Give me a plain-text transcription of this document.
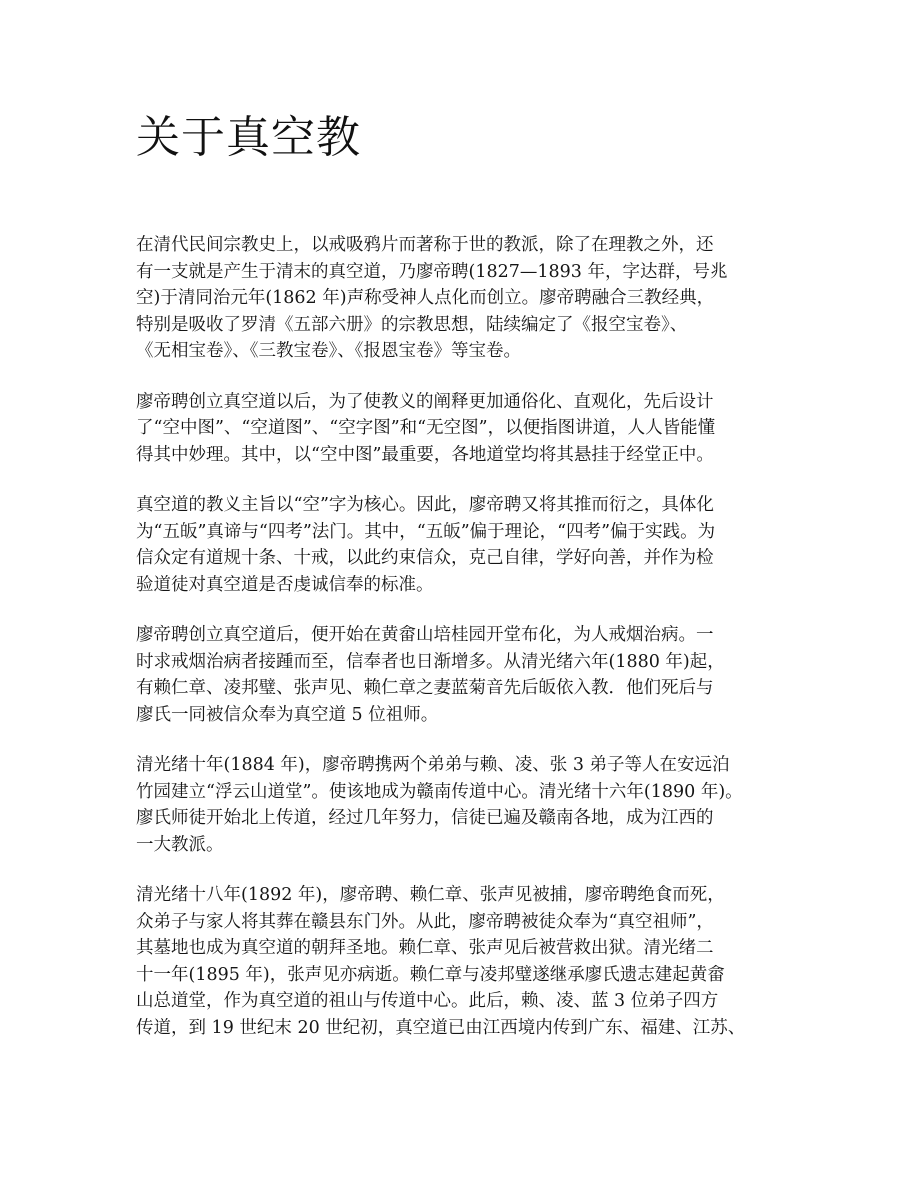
关于真空教

在清代民间宗教史上，以戒吸鸦片而著称于世的教派，除了在理教之外，还
有一支就是产生于清末的真空道，乃廖帝聘(1827—1893 年，字达群，号兆
空)于清同治元年(1862 年)声称受神人点化而创立。廖帝聘融合三教经典，
特别是吸收了罗清《五部六册》的宗教思想，陆续编定了《报空宝卷》、
《无相宝卷》、《三教宝卷》、《报恩宝卷》等宝卷。

廖帝聘创立真空道以后，为了使教义的阐释更加通俗化、直观化，先后设计
了“空中图”、“空道图”、“空字图”和“无空图”，以便指图讲道，人人皆能懂
得其中妙理。其中，以“空中图”最重要，各地道堂均将其悬挂于经堂正中。

真空道的教义主旨以“空”字为核心。因此，廖帝聘又将其推而衍之，具体化
为“五皈”真谛与“四考”法门。其中，“五皈”偏于理论，“四考”偏于实践。为
信众定有道规十条、十戒，以此约束信众，克己自律，学好向善，并作为检
验道徒对真空道是否虔诚信奉的标准。

廖帝聘创立真空道后，便开始在黄畲山培桂园开堂布化，为人戒烟治病。一
时求戒烟治病者接踵而至，信奉者也日渐增多。从清光绪六年(1880 年)起，
有赖仁章、凌邦璧、张声见、赖仁章之妻蓝菊音先后皈依入教．他们死后与
廖氏一同被信众奉为真空道 5 位祖师。

清光绪十年(1884 年)，廖帝聘携两个弟弟与赖、凌、张 3 弟子等人在安远泊
竹园建立“浮云山道堂”。使该地成为赣南传道中心。清光绪十六年(1890 年)。
廖氏师徒开始北上传道，经过几年努力，信徒已遍及赣南各地，成为江西的
一大教派。

清光绪十八年(1892 年)，廖帝聘、赖仁章、张声见被捕，廖帝聘绝食而死，
众弟子与家人将其葬在赣县东门外。从此，廖帝聘被徒众奉为“真空祖师”，
其墓地也成为真空道的朝拜圣地。赖仁章、张声见后被营救出狱。清光绪二
十一年(1895 年)，张声见亦病逝。赖仁章与凌邦璧遂继承廖氏遗志建起黄畲
山总道堂，作为真空道的祖山与传道中心。此后，赖、凌、蓝 3 位弟子四方
传道，到 19 世纪末 20 世纪初，真空道已由江西境内传到广东、福建、江苏、
